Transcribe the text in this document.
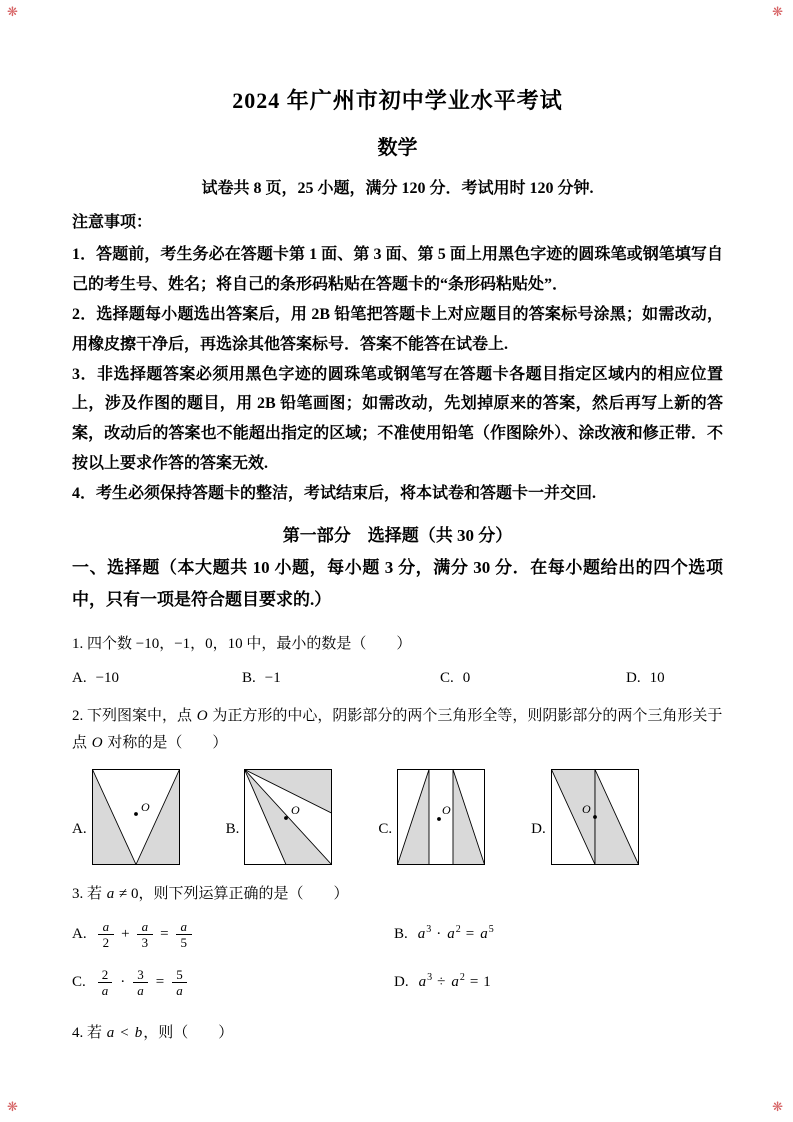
❋	❋
❋	❋
2024 年广州市初中学业水平考试
数学

试卷共 8 页，25 小题，满分 120 分．考试用时 120 分钟.

注意事项：

1．答题前，考生务必在答题卡第 1 面、第 3 面、第 5 面上用黑色字迹的圆珠笔或钢笔填写自己的考生号、姓名；将自己的条形码粘贴在答题卡的“条形码粘贴处”．

2．选择题每小题选出答案后，用 2B 铅笔把答题卡上对应题目的答案标号涂黑；如需改动，用橡皮擦干净后，再选涂其他答案标号．答案不能答在试卷上.

3．非选择题答案必须用黑色字迹的圆珠笔或钢笔写在答题卡各题目指定区域内的相应位置上，涉及作图的题目，用 2B 铅笔画图；如需改动，先划掉原来的答案，然后再写上新的答案，改动后的答案也不能超出指定的区域；不准使用铅笔（作图除外）、涂改液和修正带．不按以上要求作答的答案无效.

4．考生必须保持答题卡的整洁，考试结束后，将本试卷和答题卡一并交回.

第一部分　选择题（共 30 分）

一、选择题（本大题共 10 小题，每小题 3 分，满分 30 分．在每小题给出的四个选项中，只有一项是符合题目要求的.）

1. 四个数 −10，−1，0，10 中，最小的数是（　　）

A. −10	B. −1	C. 0	D. 10

2. 下列图案中，点 O 为正方形的中心，阴影部分的两个三角形全等，则阴影部分的两个三角形关于点 O 对称的是（　　）

A.
O
B.
O
C.
O
D.
O

3. 若 a ≠ 0，则下列运算正确的是（　　）

A. $\frac{a}{2} + \frac{a}{3} = \frac{a}{5}$	B. $a^3 \cdot a^2 = a^5$
C. $\frac{2}{a} \cdot \frac{3}{a} = \frac{5}{a}$	D. $a^3 \div a^2 = 1$

4. 若 a < b，则（　　）
